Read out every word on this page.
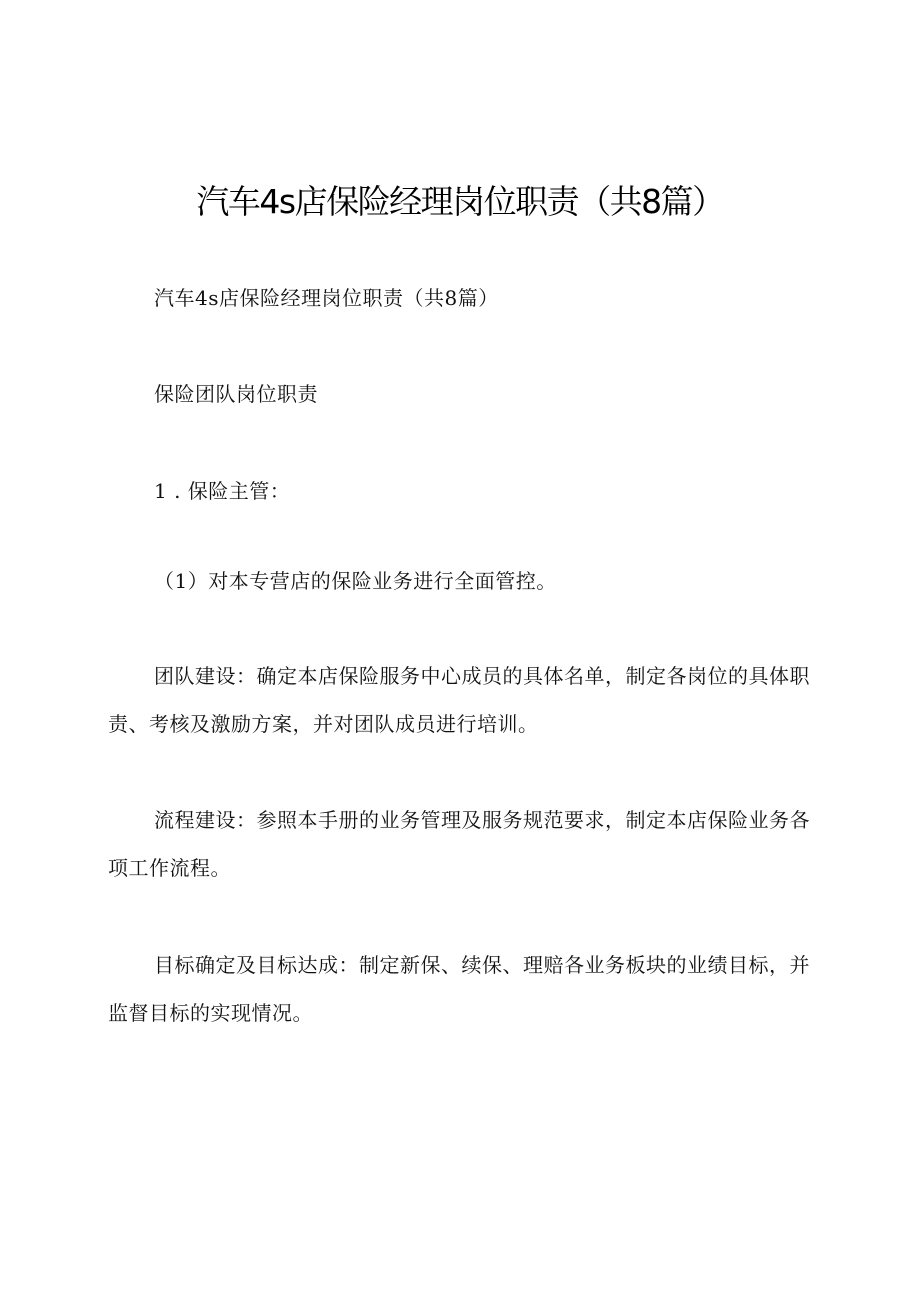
汽车4s店保险经理岗位职责（共8篇）

汽车4s店保险经理岗位职责（共8篇）

保险团队岗位职责

1 . 保险主管：

（1）对本专营店的保险业务进行全面管控。

团队建设：确定本店保险服务中心成员的具体名单，制定各岗位的具体职责、考核及激励方案，并对团队成员进行培训。

流程建设：参照本手册的业务管理及服务规范要求，制定本店保险业务各项工作流程。

目标确定及目标达成：制定新保、续保、理赔各业务板块的业绩目标，并监督目标的实现情况。
